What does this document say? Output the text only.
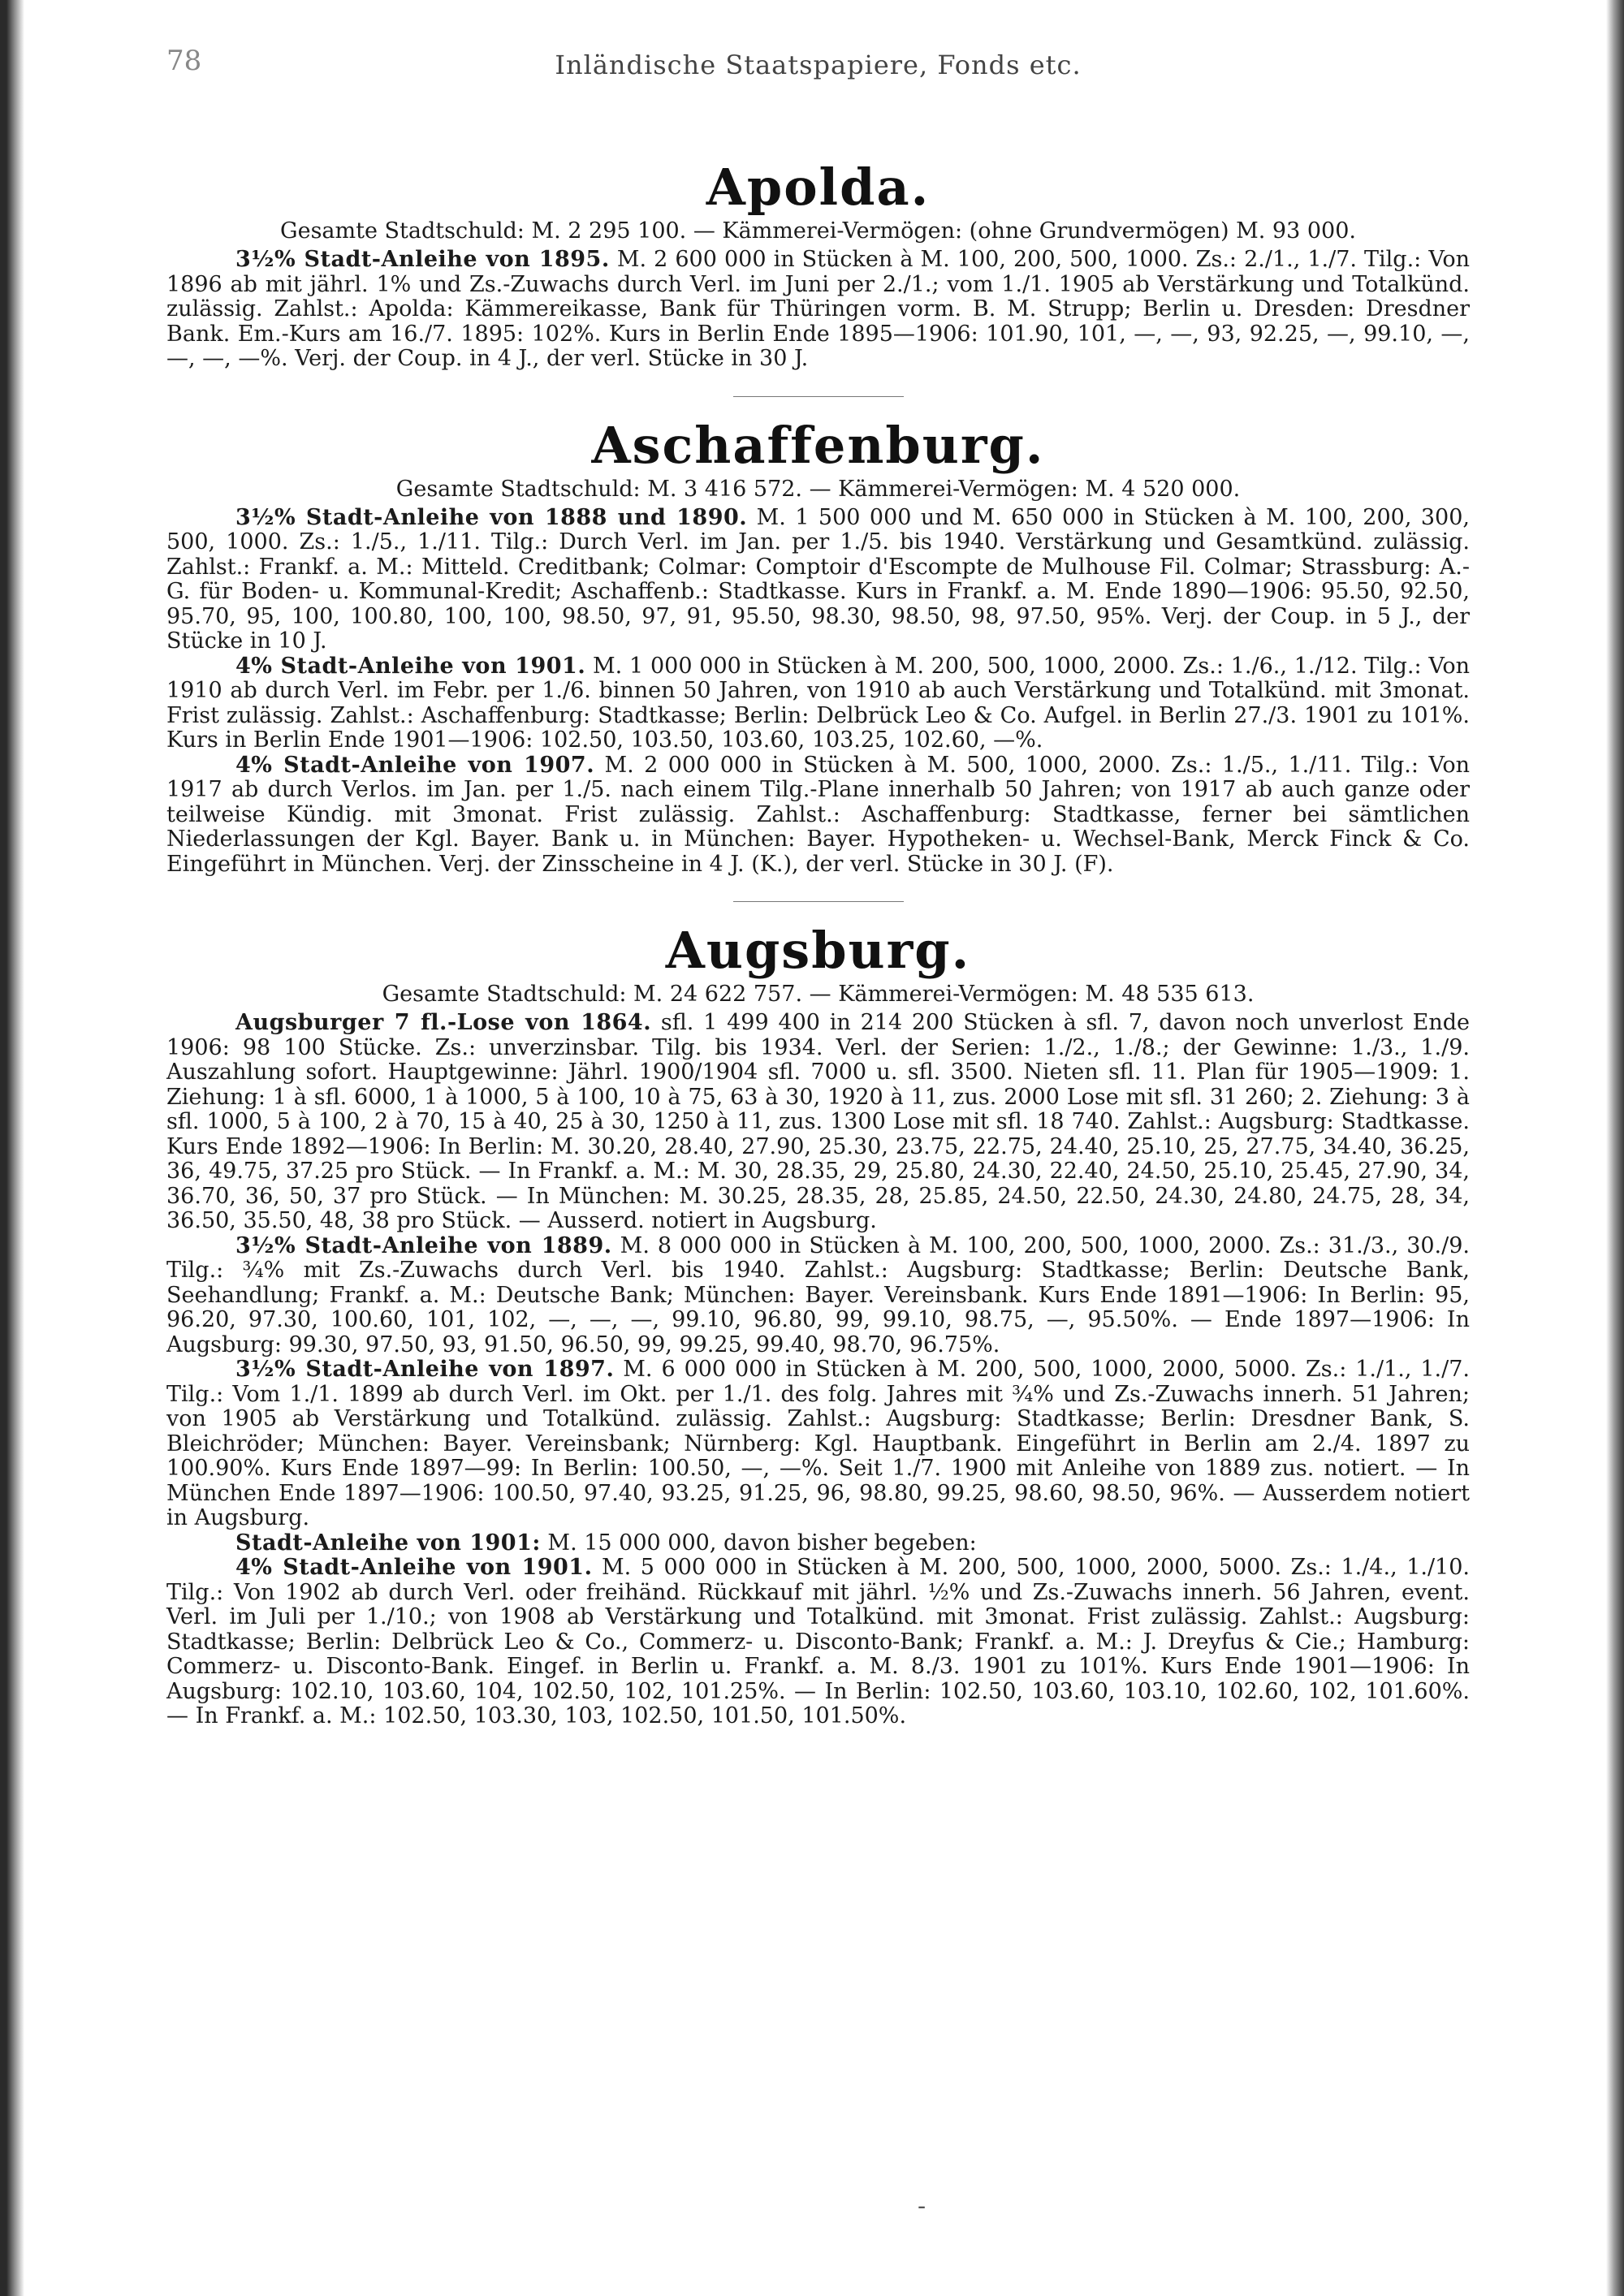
78	Inländische Staatspapiere, Fonds etc.
Apolda.

Gesamte Stadtschuld: M. 2 295 100. — Kämmerei-Vermögen: (ohne Grundvermögen) M. 93 000.

3½% Stadt-Anleihe von 1895. M. 2 600 000 in Stücken à M. 100, 200, 500, 1000. Zs.: 2./1., 1./7. Tilg.: Von 1896 ab mit jährl. 1% und Zs.-Zuwachs durch Verl. im Juni per 2./1.; vom 1./1. 1905 ab Verstärkung und Totalkünd. zulässig. Zahlst.: Apolda: Kämmereikasse, Bank für Thüringen vorm. B. M. Strupp; Berlin u. Dresden: Dresdner Bank. Em.-Kurs am 16./7. 1895: 102%. Kurs in Berlin Ende 1895—1906: 101.90, 101, —, —, 93, 92.25, —, 99.10, —, —, —, —%. Verj. der Coup. in 4 J., der verl. Stücke in 30 J.

Aschaffenburg.

Gesamte Stadtschuld: M. 3 416 572. — Kämmerei-Vermögen: M. 4 520 000.

3½% Stadt-Anleihe von 1888 und 1890. M. 1 500 000 und M. 650 000 in Stücken à M. 100, 200, 300, 500, 1000. Zs.: 1./5., 1./11. Tilg.: Durch Verl. im Jan. per 1./5. bis 1940. Verstärkung und Gesamtkünd. zulässig. Zahlst.: Frankf. a. M.: Mitteld. Creditbank; Colmar: Comptoir d'Escompte de Mulhouse Fil. Colmar; Strassburg: A.-G. für Boden- u. Kommunal-Kredit; Aschaffenb.: Stadtkasse. Kurs in Frankf. a. M. Ende 1890—1906: 95.50, 92.50, 95.70, 95, 100, 100.80, 100, 100, 98.50, 97, 91, 95.50, 98.30, 98.50, 98, 97.50, 95%. Verj. der Coup. in 5 J., der Stücke in 10 J.

4% Stadt-Anleihe von 1901. M. 1 000 000 in Stücken à M. 200, 500, 1000, 2000. Zs.: 1./6., 1./12. Tilg.: Von 1910 ab durch Verl. im Febr. per 1./6. binnen 50 Jahren, von 1910 ab auch Verstärkung und Totalkünd. mit 3monat. Frist zulässig. Zahlst.: Aschaffenburg: Stadtkasse; Berlin: Delbrück Leo & Co. Aufgel. in Berlin 27./3. 1901 zu 101%. Kurs in Berlin Ende 1901—1906: 102.50, 103.50, 103.60, 103.25, 102.60, —%.

4% Stadt-Anleihe von 1907. M. 2 000 000 in Stücken à M. 500, 1000, 2000. Zs.: 1./5., 1./11. Tilg.: Von 1917 ab durch Verlos. im Jan. per 1./5. nach einem Tilg.-Plane innerhalb 50 Jahren; von 1917 ab auch ganze oder teilweise Kündig. mit 3monat. Frist zulässig. Zahlst.: Aschaffenburg: Stadtkasse, ferner bei sämtlichen Niederlassungen der Kgl. Bayer. Bank u. in München: Bayer. Hypotheken- u. Wechsel-Bank, Merck Finck & Co. Eingeführt in München. Verj. der Zinsscheine in 4 J. (K.), der verl. Stücke in 30 J. (F).

Augsburg.

Gesamte Stadtschuld: M. 24 622 757. — Kämmerei-Vermögen: M. 48 535 613.

Augsburger 7 fl.-Lose von 1864. sfl. 1 499 400 in 214 200 Stücken à sfl. 7, davon noch unverlost Ende 1906: 98 100 Stücke. Zs.: unverzinsbar. Tilg. bis 1934. Verl. der Serien: 1./2., 1./8.; der Gewinne: 1./3., 1./9. Auszahlung sofort. Hauptgewinne: Jährl. 1900/1904 sfl. 7000 u. sfl. 3500. Nieten sfl. 11. Plan für 1905—1909: 1. Ziehung: 1 à sfl. 6000, 1 à 1000, 5 à 100, 10 à 75, 63 à 30, 1920 à 11, zus. 2000 Lose mit sfl. 31 260; 2. Ziehung: 3 à sfl. 1000, 5 à 100, 2 à 70, 15 à 40, 25 à 30, 1250 à 11, zus. 1300 Lose mit sfl. 18 740. Zahlst.: Augsburg: Stadtkasse. Kurs Ende 1892—1906: In Berlin: M. 30.20, 28.40, 27.90, 25.30, 23.75, 22.75, 24.40, 25.10, 25, 27.75, 34.40, 36.25, 36, 49.75, 37.25 pro Stück. — In Frankf. a. M.: M. 30, 28.35, 29, 25.80, 24.30, 22.40, 24.50, 25.10, 25.45, 27.90, 34, 36.70, 36, 50, 37 pro Stück. — In München: M. 30.25, 28.35, 28, 25.85, 24.50, 22.50, 24.30, 24.80, 24.75, 28, 34, 36.50, 35.50, 48, 38 pro Stück. — Ausserd. notiert in Augsburg.

3½% Stadt-Anleihe von 1889. M. 8 000 000 in Stücken à M. 100, 200, 500, 1000, 2000. Zs.: 31./3., 30./9. Tilg.: ¾% mit Zs.-Zuwachs durch Verl. bis 1940. Zahlst.: Augsburg: Stadtkasse; Berlin: Deutsche Bank, Seehandlung; Frankf. a. M.: Deutsche Bank; München: Bayer. Vereinsbank. Kurs Ende 1891—1906: In Berlin: 95, 96.20, 97.30, 100.60, 101, 102, —, —, —, 99.10, 96.80, 99, 99.10, 98.75, —, 95.50%. — Ende 1897—1906: In Augsburg: 99.30, 97.50, 93, 91.50, 96.50, 99, 99.25, 99.40, 98.70, 96.75%.

3½% Stadt-Anleihe von 1897. M. 6 000 000 in Stücken à M. 200, 500, 1000, 2000, 5000. Zs.: 1./1., 1./7. Tilg.: Vom 1./1. 1899 ab durch Verl. im Okt. per 1./1. des folg. Jahres mit ¾% und Zs.-Zuwachs innerh. 51 Jahren; von 1905 ab Verstärkung und Totalkünd. zulässig. Zahlst.: Augsburg: Stadtkasse; Berlin: Dresdner Bank, S. Bleichröder; München: Bayer. Vereinsbank; Nürnberg: Kgl. Hauptbank. Eingeführt in Berlin am 2./4. 1897 zu 100.90%. Kurs Ende 1897—99: In Berlin: 100.50, —, —%. Seit 1./7. 1900 mit Anleihe von 1889 zus. notiert. — In München Ende 1897—1906: 100.50, 97.40, 93.25, 91.25, 96, 98.80, 99.25, 98.60, 98.50, 96%. — Ausserdem notiert in Augsburg.

Stadt-Anleihe von 1901: M. 15 000 000, davon bisher begeben:

4% Stadt-Anleihe von 1901. M. 5 000 000 in Stücken à M. 200, 500, 1000, 2000, 5000. Zs.: 1./4., 1./10. Tilg.: Von 1902 ab durch Verl. oder freihänd. Rückkauf mit jährl. ½% und Zs.-Zuwachs innerh. 56 Jahren, event. Verl. im Juli per 1./10.; von 1908 ab Verstärkung und Totalkünd. mit 3monat. Frist zulässig. Zahlst.: Augsburg: Stadtkasse; Berlin: Delbrück Leo & Co., Commerz- u. Disconto-Bank; Frankf. a. M.: J. Dreyfus & Cie.; Hamburg: Commerz- u. Disconto-Bank. Eingef. in Berlin u. Frankf. a. M. 8./3. 1901 zu 101%. Kurs Ende 1901—1906: In Augsburg: 102.10, 103.60, 104, 102.50, 102, 101.25%. — In Berlin: 102.50, 103.60, 103.10, 102.60, 102, 101.60%. — In Frankf. a. M.: 102.50, 103.30, 103, 102.50, 101.50, 101.50%.

-
